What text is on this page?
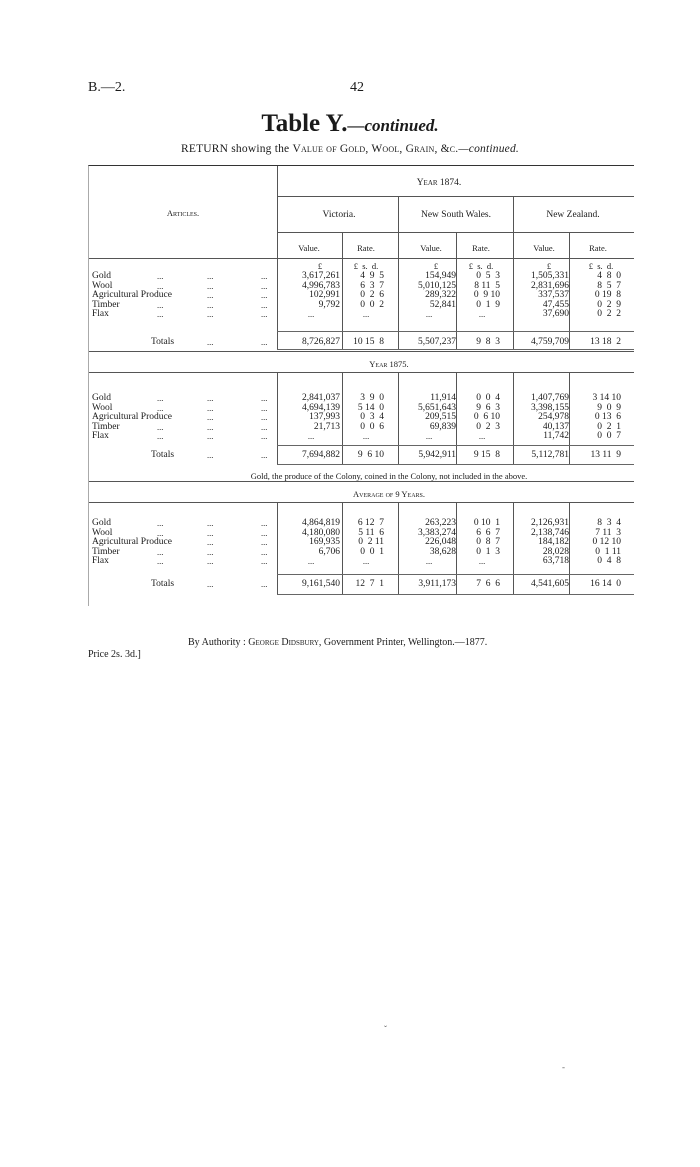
B.—2.	42
Table Y.—continued.
RETURN showing the Value of Gold, Wool, Grain, &c.—continued.
Articles.
Year 1874.
Victoria.	New South Wales.	New Zealand.
Value.	Value.	Value.
Rate.	Rate.	Rate.
£	£  s.  d.	£	£  s.  d.	£	£  s.  d.
Gold	...	...	...	3,617,261	4  9  5	154,949	0  5  3	1,505,331	4  8  0
Wool	...	...	...	4,996,783	6  3  7	5,010,125	8 11  5	2,831,696	8  5  7
Agricultural Produce	...	...	102,991	0  2  6	289,322	0  9 10	337,537	0 19  8
Timber	...	...	...	9,792	0  0  2	52,841	0  1  9	47,455	0  2  9
Flax	...	...	...	...	...	...	...	37,690	0  2  2
Totals	...	...	8,726,827	10 15  8	5,507,237	9  8  3	4,759,709	13 18  2
Year 1875.
Gold	...	...	...	2,841,037	3  9  0	11,914	0  0  4	1,407,769	3 14 10
Wool	...	...	...	4,694,139	5 14  0	5,651,643	9  6  3	3,398,155	9  0  9
Agricultural Produce	...	...	137,993	0  3  4	209,515	0  6 10	254,978	0 13  6
Timber	...	...	...	21,713	0  0  6	69,839	0  2  3	40,137	0  2  1
Flax	...	...	...	...	...	...	...	11,742	0  0  7
Totals	...	...	7,694,882	9  6 10	5,942,911	9 15  8	5,112,781	13 11  9
Gold, the produce of the Colony, coined in the Colony, not included in the above.
Average of 9 Years.
Gold	...	...	...	4,864,819	6 12  7	263,223	0 10  1	2,126,931	8  3  4
Wool	...	...	...	4,180,080	5 11  6	3,383,274	6  6  7	2,138,746	7 11  3
Agricultural Produce	...	...	169,935	0  2 11	226,048	0  8  7	184,182	0 12 10
Timber	...	...	...	6,706	0  0  1	38,628	0  1  3	28,028	0  1 11
Flax	...	...	...	...	...	...	...	63,718	0  4  8
Totals	...	...	9,161,540	12  7  1	3,911,173	7  6  6	4,541,605	16 14  0
By Authority : George Didsbury, Government Printer, Wellington.—1877.
Price 2s. 3d.]
ˇ
-
